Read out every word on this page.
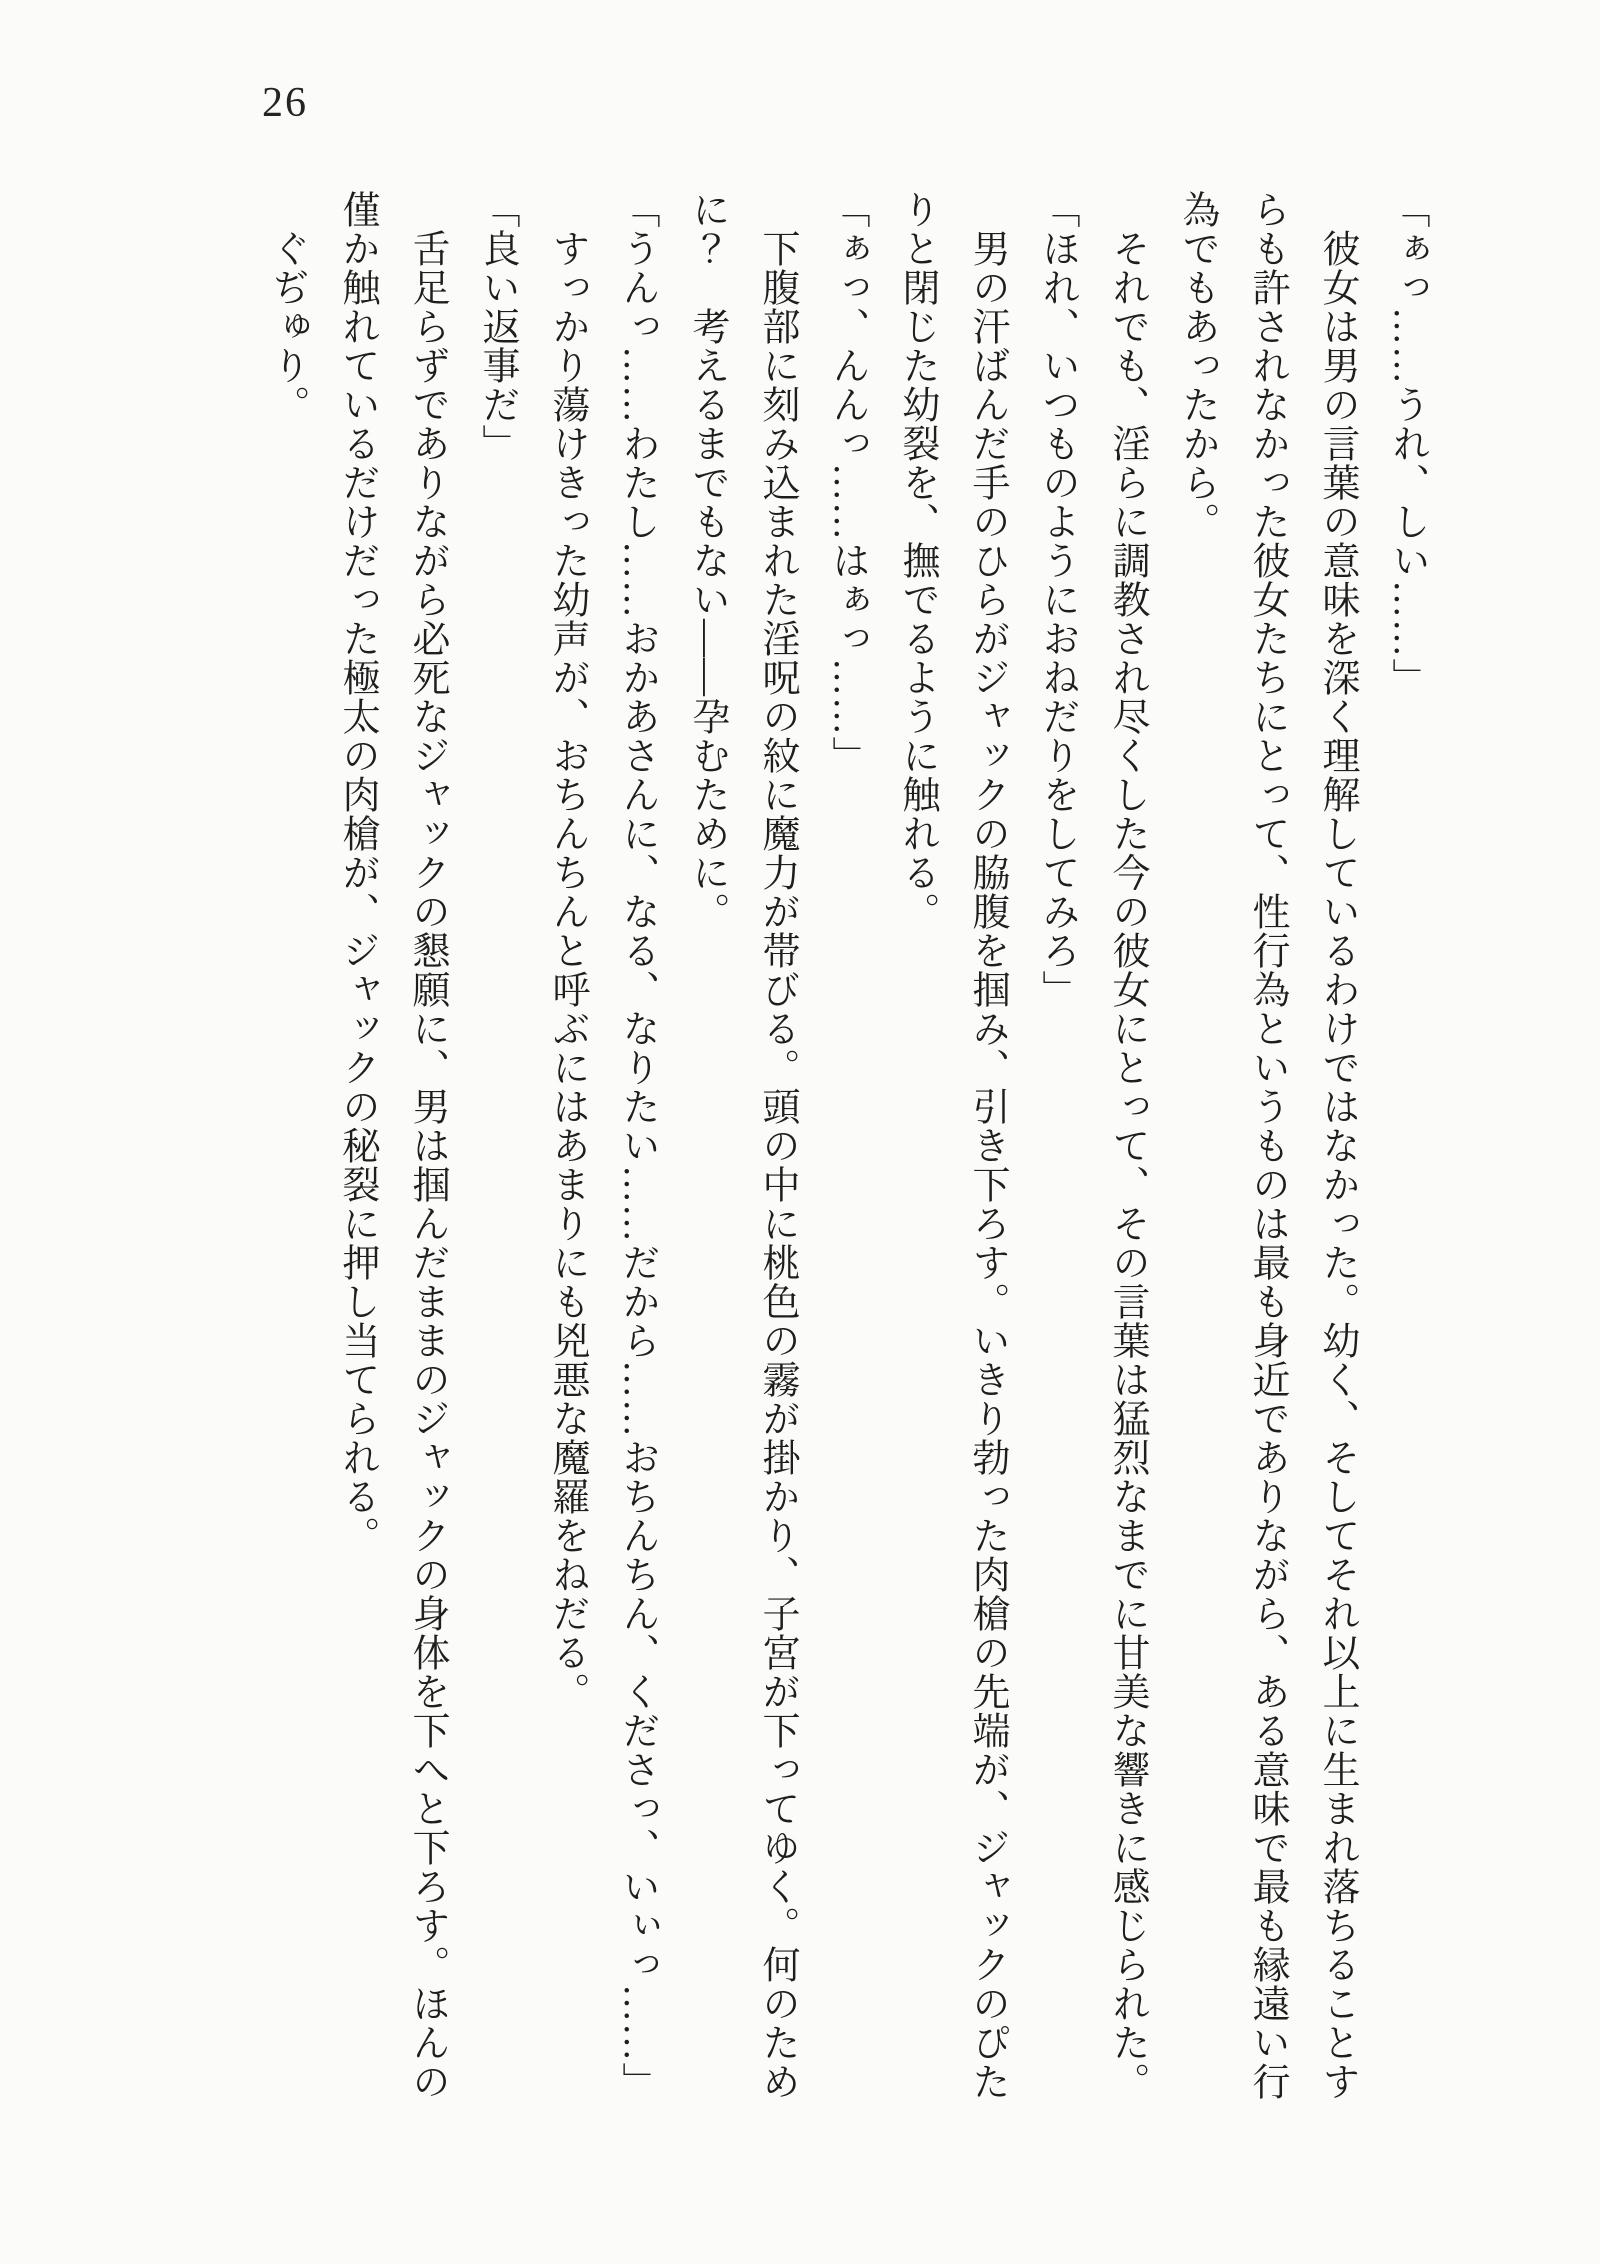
26

「ぁっ……うれ、しい……」

彼女は男の言葉の意味を深く理解しているわけではなかった。幼く、そしてそれ以上に生まれ落ちることすらも許されなかった彼女たちにとって、性行為というものは最も身近でありながら、ある意味で最も縁遠い行為でもあったから。

それでも、淫らに調教され尽くした今の彼女にとって、その言葉は猛烈なまでに甘美な響きに感じられた。

「ほれ、いつものようにおねだりをしてみろ」

男の汗ばんだ手のひらがジャックの脇腹を掴み、引き下ろす。いきり勃った肉槍の先端が、ジャックのぴたりと閉じた幼裂を、撫でるように触れる。

「ぁっ、んんっ……はぁっ……」

下腹部に刻み込まれた淫呪の紋に魔力が帯びる。頭の中に桃色の霧が掛かり、子宮が下ってゆく。何のために？　考えるまでもない——孕むために。

「うんっ……わたし……おかあさんに、なる、なりたい……だから……おちんちん、くださっ、いぃっ……」

すっかり蕩けきった幼声が、おちんちんと呼ぶにはあまりにも兇悪な魔羅をねだる。

「良い返事だ」

舌足らずでありながら必死なジャックの懇願に、男は掴んだままのジャックの身体を下へと下ろす。ほんの僅か触れているだけだった極太の肉槍が、ジャックの秘裂に押し当てられる。

ぐぢゅり。
